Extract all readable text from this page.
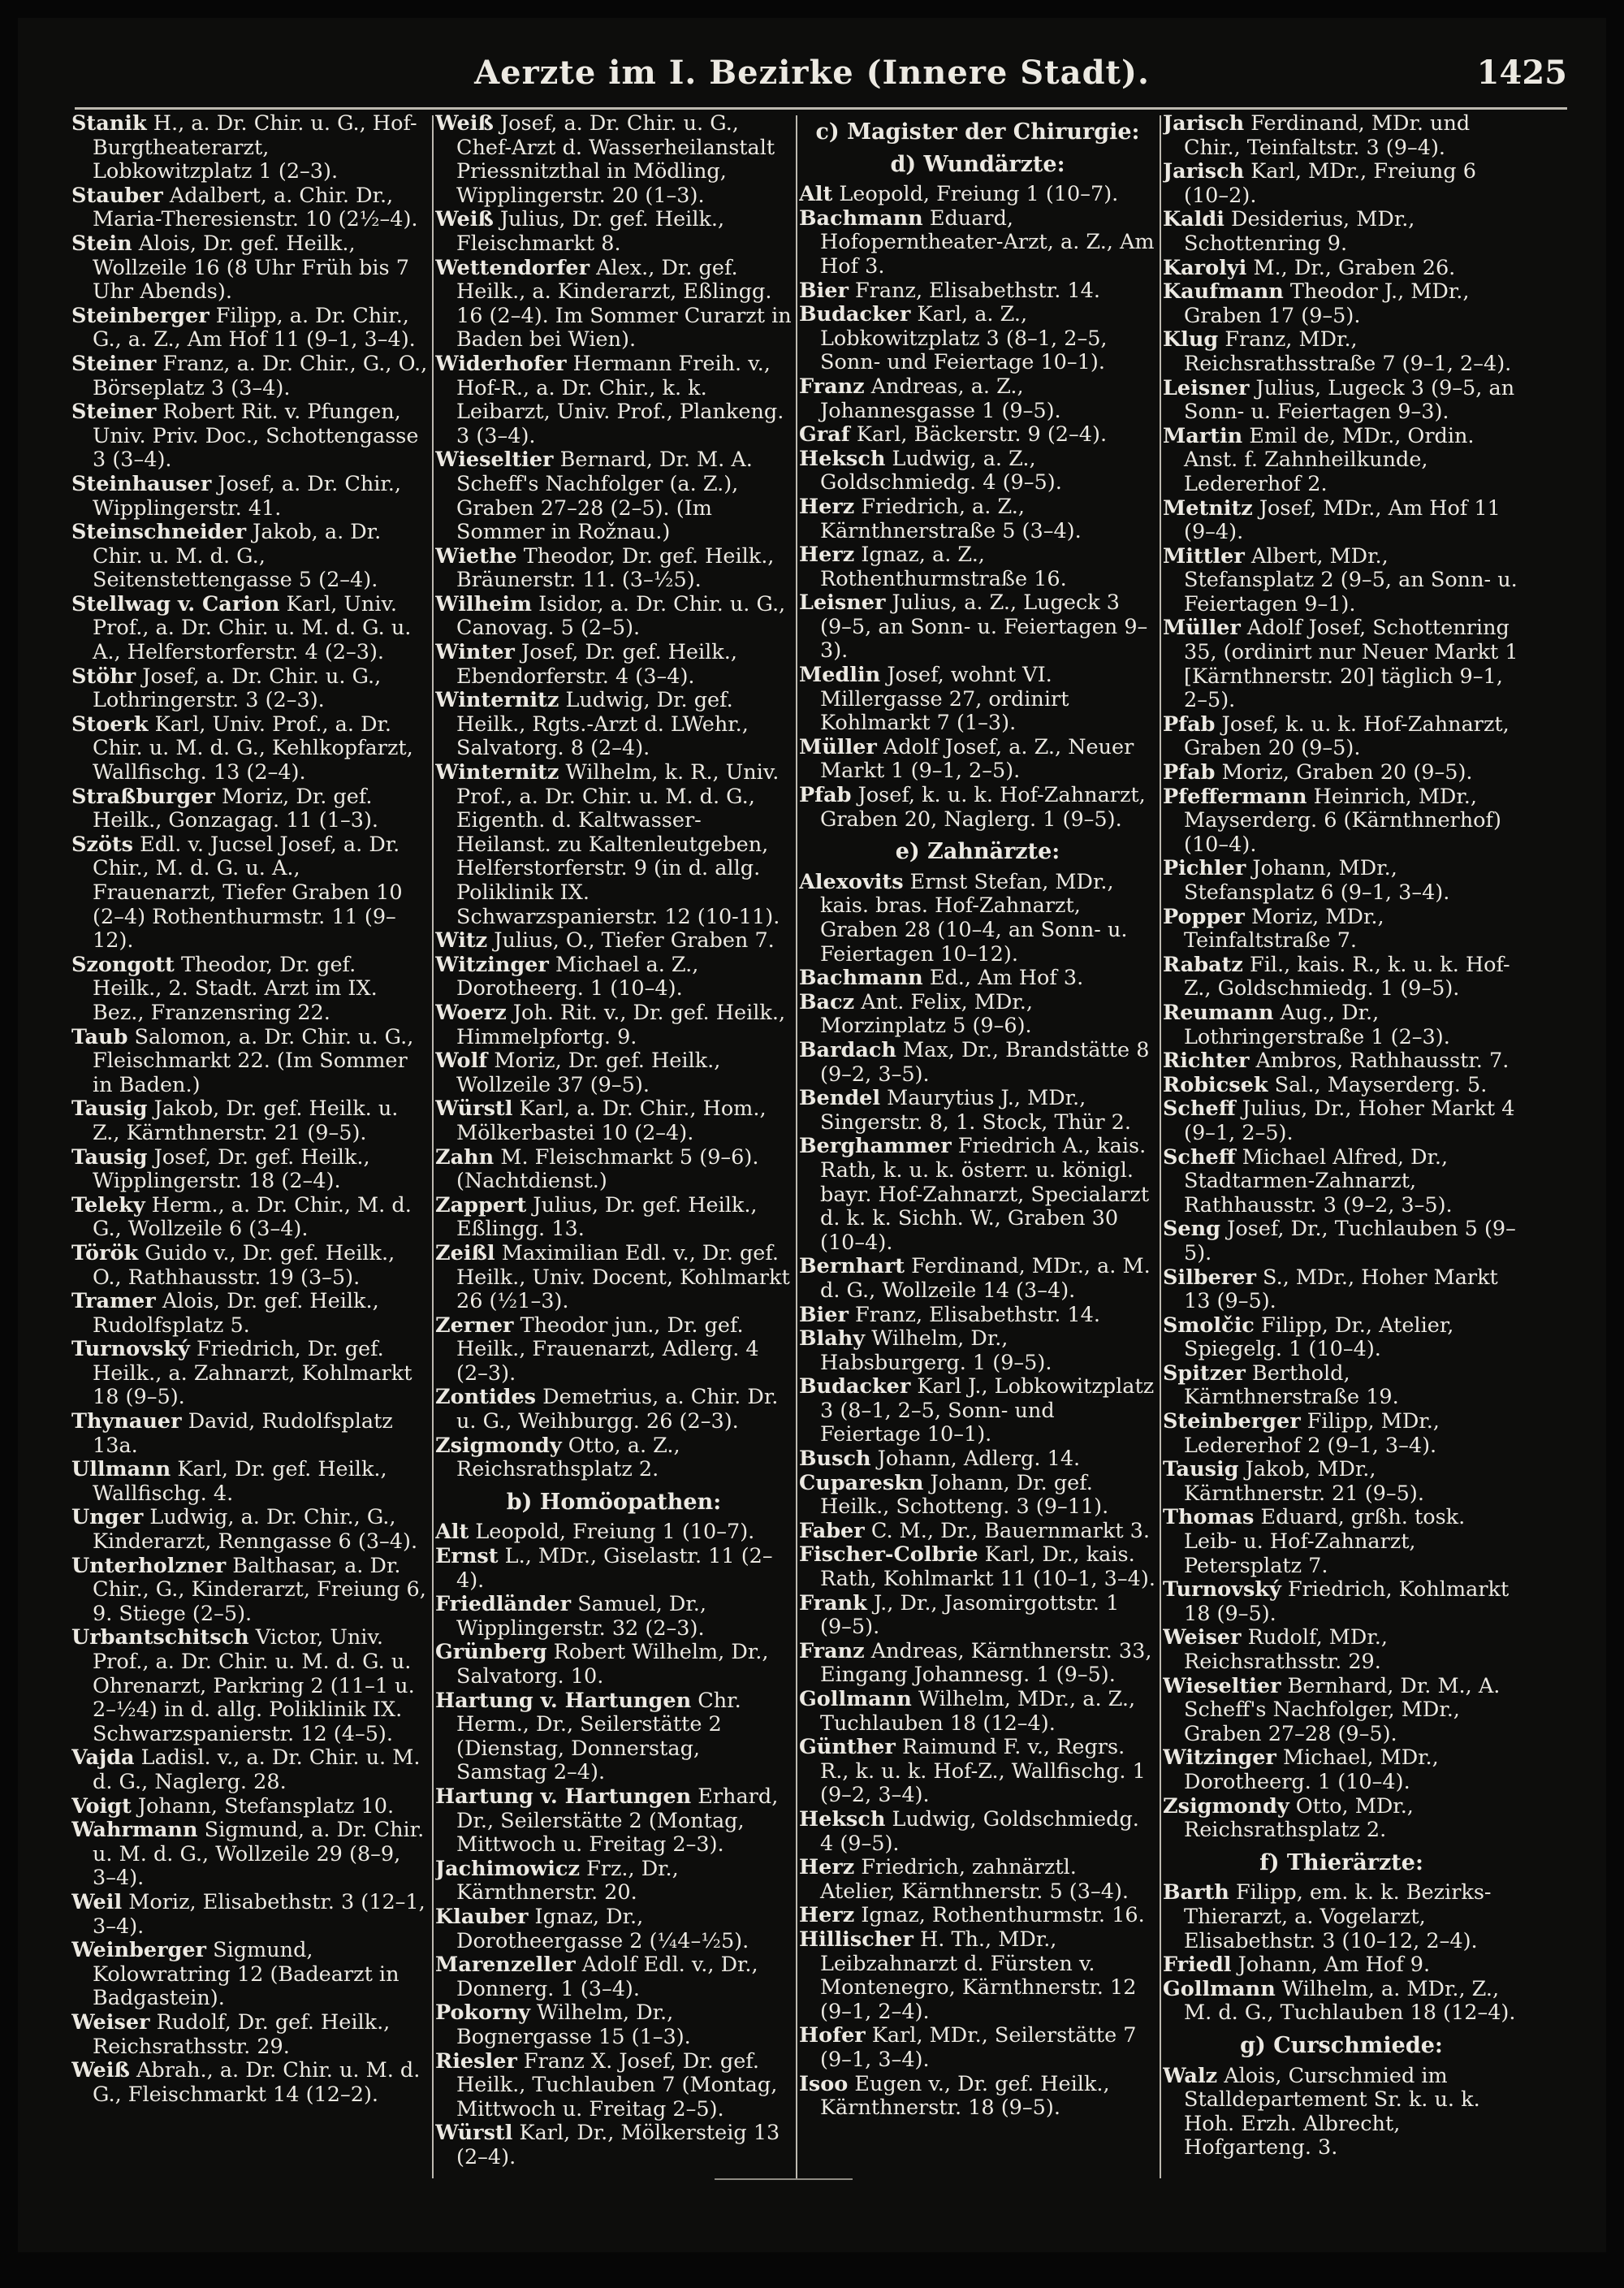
Aerzte im I. Bezirke (Innere Stadt).	1425
Stanik H., a. Dr. Chir. u. G., Hof-Burgtheaterarzt, Lobkowitzplatz 1 (2–3).
Stauber Adalbert, a. Chir. Dr., Maria-Theresienstr. 10 (2½–4).
Stein Alois, Dr. gef. Heilk., Wollzeile 16 (8 Uhr Früh bis 7 Uhr Abends).
Steinberger Filipp, a. Dr. Chir., G., a. Z., Am Hof 11 (9–1, 3–4).
Steiner Franz, a. Dr. Chir., G., O., Börseplatz 3 (3–4).
Steiner Robert Rit. v. Pfungen, Univ. Priv. Doc., Schottengasse 3 (3–4).
Steinhauser Josef, a. Dr. Chir., Wipplingerstr. 41.
Steinschneider Jakob, a. Dr. Chir. u. M. d. G., Seitenstettengasse 5 (2–4).
Stellwag v. Carion Karl, Univ. Prof., a. Dr. Chir. u. M. d. G. u. A., Helferstorferstr. 4 (2–3).
Stöhr Josef, a. Dr. Chir. u. G., Lothringerstr. 3 (2–3).
Stoerk Karl, Univ. Prof., a. Dr. Chir. u. M. d. G., Kehlkopfarzt, Wallfischg. 13 (2–4).
Straßburger Moriz, Dr. gef. Heilk., Gonzagag. 11 (1–3).
Szöts Edl. v. Jucsel Josef, a. Dr. Chir., M. d. G. u. A., Frauenarzt, Tiefer Graben 10 (2–4) Rothenthurmstr. 11 (9–12).
Szongott Theodor, Dr. gef. Heilk., 2. Stadt. Arzt im IX. Bez., Franzensring 22.
Taub Salomon, a. Dr. Chir. u. G., Fleischmarkt 22. (Im Sommer in Baden.)
Tausig Jakob, Dr. gef. Heilk. u. Z., Kärnthnerstr. 21 (9–5).
Tausig Josef, Dr. gef. Heilk., Wipplingerstr. 18 (2–4).
Teleky Herm., a. Dr. Chir., M. d. G., Wollzeile 6 (3–4).
Török Guido v., Dr. gef. Heilk., O., Rathhausstr. 19 (3–5).
Tramer Alois, Dr. gef. Heilk., Rudolfsplatz 5.
Turnovský Friedrich, Dr. gef. Heilk., a. Zahnarzt, Kohlmarkt 18 (9–5).
Thynauer David, Rudolfsplatz 13a.
Ullmann Karl, Dr. gef. Heilk., Wallfischg. 4.
Unger Ludwig, a. Dr. Chir., G., Kinderarzt, Renngasse 6 (3–4).
Unterholzner Balthasar, a. Dr. Chir., G., Kinderarzt, Freiung 6, 9. Stiege (2–5).
Urbantschitsch Victor, Univ. Prof., a. Dr. Chir. u. M. d. G. u. Ohrenarzt, Parkring 2 (11–1 u. 2–½4) in d. allg. Poliklinik IX. Schwarzspanierstr. 12 (4–5).
Vajda Ladisl. v., a. Dr. Chir. u. M. d. G., Naglerg. 28.
Voigt Johann, Stefansplatz 10.
Wahrmann Sigmund, a. Dr. Chir. u. M. d. G., Wollzeile 29 (8–9, 3–4).
Weil Moriz, Elisabethstr. 3 (12–1, 3–4).
Weinberger Sigmund, Kolowratring 12 (Badearzt in Badgastein).
Weiser Rudolf, Dr. gef. Heilk., Reichsrathsstr. 29.
Weiß Abrah., a. Dr. Chir. u. M. d. G., Fleischmarkt 14 (12–2).
Weiß Josef, a. Dr. Chir. u. G., Chef-Arzt d. Wasserheilanstalt Priessnitzthal in Mödling, Wipplingerstr. 20 (1–3).
Weiß Julius, Dr. gef. Heilk., Fleischmarkt 8.
Wettendorfer Alex., Dr. gef. Heilk., a. Kinderarzt, Eßlingg. 16 (2–4). Im Sommer Curarzt in Baden bei Wien).
Widerhofer Hermann Freih. v., Hof-R., a. Dr. Chir., k. k. Leibarzt, Univ. Prof., Plankeng. 3 (3–4).
Wieseltier Bernard, Dr. M. A. Scheff's Nachfolger (a. Z.), Graben 27–28 (2–5). (Im Sommer in Rožnau.)
Wiethe Theodor, Dr. gef. Heilk., Bräunerstr. 11. (3–½5).
Wilheim Isidor, a. Dr. Chir. u. G., Canovag. 5 (2–5).
Winter Josef, Dr. gef. Heilk., Ebendorferstr. 4 (3–4).
Winternitz Ludwig, Dr. gef. Heilk., Rgts.-Arzt d. LWehr., Salvatorg. 8 (2–4).
Winternitz Wilhelm, k. R., Univ. Prof., a. Dr. Chir. u. M. d. G., Eigenth. d. Kaltwasser-Heilanst. zu Kaltenleutgeben, Helferstorferstr. 9 (in d. allg. Poliklinik IX. Schwarzspanierstr. 12 (10-11).
Witz Julius, O., Tiefer Graben 7.
Witzinger Michael a. Z., Dorotheerg. 1 (10–4).
Woerz Joh. Rit. v., Dr. gef. Heilk., Himmelpfortg. 9.
Wolf Moriz, Dr. gef. Heilk., Wollzeile 37 (9–5).
Würstl Karl, a. Dr. Chir., Hom., Mölkerbastei 10 (2–4).
Zahn M. Fleischmarkt 5 (9–6). (Nachtdienst.)
Zappert Julius, Dr. gef. Heilk., Eßlingg. 13.
Zeißl Maximilian Edl. v., Dr. gef. Heilk., Univ. Docent, Kohlmarkt 26 (½1–3).
Zerner Theodor jun., Dr. gef. Heilk., Frauenarzt, Adlerg. 4 (2–3).
Zontides Demetrius, a. Chir. Dr. u. G., Weihburgg. 26 (2–3).
Zsigmondy Otto, a. Z., Reichsrathsplatz 2.
b) Homöopathen:
Alt Leopold, Freiung 1 (10–7).
Ernst L., MDr., Giselastr. 11 (2–4).
Friedländer Samuel, Dr., Wipplingerstr. 32 (2–3).
Grünberg Robert Wilhelm, Dr., Salvatorg. 10.
Hartung v. Hartungen Chr. Herm., Dr., Seilerstätte 2 (Dienstag, Donnerstag, Samstag 2–4).
Hartung v. Hartungen Erhard, Dr., Seilerstätte 2 (Montag, Mittwoch u. Freitag 2–3).
Jachimowicz Frz., Dr., Kärnthnerstr. 20.
Klauber Ignaz, Dr., Dorotheergasse 2 (¼4–½5).
Marenzeller Adolf Edl. v., Dr., Donnerg. 1 (3–4).
Pokorny Wilhelm, Dr., Bognergasse 15 (1–3).
Riesler Franz X. Josef, Dr. gef. Heilk., Tuchlauben 7 (Montag, Mittwoch u. Freitag 2–5).
Würstl Karl, Dr., Mölkersteig 13 (2–4).
c) Magister der Chirurgie:
d) Wundärzte:
Alt Leopold, Freiung 1 (10–7).
Bachmann Eduard, Hofoperntheater-Arzt, a. Z., Am Hof 3.
Bier Franz, Elisabethstr. 14.
Budacker Karl, a. Z., Lobkowitzplatz 3 (8–1, 2–5, Sonn- und Feiertage 10–1).
Franz Andreas, a. Z., Johannesgasse 1 (9–5).
Graf Karl, Bäckerstr. 9 (2–4).
Heksch Ludwig, a. Z., Goldschmiedg. 4 (9–5).
Herz Friedrich, a. Z., Kärnthnerstraße 5 (3–4).
Herz Ignaz, a. Z., Rothenthurmstraße 16.
Leisner Julius, a. Z., Lugeck 3 (9–5, an Sonn- u. Feiertagen 9–3).
Medlin Josef, wohnt VI. Millergasse 27, ordinirt Kohlmarkt 7 (1–3).
Müller Adolf Josef, a. Z., Neuer Markt 1 (9–1, 2–5).
Pfab Josef, k. u. k. Hof-Zahnarzt, Graben 20, Naglerg. 1 (9–5).
e) Zahnärzte:
Alexovits Ernst Stefan, MDr., kais. bras. Hof-Zahnarzt, Graben 28 (10–4, an Sonn- u. Feiertagen 10–12).
Bachmann Ed., Am Hof 3.
Bacz Ant. Felix, MDr., Morzinplatz 5 (9–6).
Bardach Max, Dr., Brandstätte 8 (9–2, 3–5).
Bendel Maurytius J., MDr., Singerstr. 8, 1. Stock, Thür 2.
Berghammer Friedrich A., kais. Rath, k. u. k. österr. u. königl. bayr. Hof-Zahnarzt, Specialarzt d. k. k. Sichh. W., Graben 30 (10–4).
Bernhart Ferdinand, MDr., a. M. d. G., Wollzeile 14 (3–4).
Bier Franz, Elisabethstr. 14.
Blahy Wilhelm, Dr., Habsburgerg. 1 (9–5).
Budacker Karl J., Lobkowitzplatz 3 (8–1, 2–5, Sonn- und Feiertage 10–1).
Busch Johann, Adlerg. 14.
Cupareskn Johann, Dr. gef. Heilk., Schotteng. 3 (9–11).
Faber C. M., Dr., Bauernmarkt 3.
Fischer-Colbrie Karl, Dr., kais. Rath, Kohlmarkt 11 (10–1, 3–4).
Frank J., Dr., Jasomirgottstr. 1 (9–5).
Franz Andreas, Kärnthnerstr. 33, Eingang Johannesg. 1 (9–5).
Gollmann Wilhelm, MDr., a. Z., Tuchlauben 18 (12–4).
Günther Raimund F. v., Regrs. R., k. u. k. Hof-Z., Wallfischg. 1 (9–2, 3–4).
Heksch Ludwig, Goldschmiedg. 4 (9–5).
Herz Friedrich, zahnärztl. Atelier, Kärnthnerstr. 5 (3–4).
Herz Ignaz, Rothenthurmstr. 16.
Hillischer H. Th., MDr., Leibzahnarzt d. Fürsten v. Montenegro, Kärnthnerstr. 12 (9–1, 2–4).
Hofer Karl, MDr., Seilerstätte 7 (9–1, 3–4).
Isoo Eugen v., Dr. gef. Heilk., Kärnthnerstr. 18 (9–5).
Jarisch Ferdinand, MDr. und Chir., Teinfaltstr. 3 (9–4).
Jarisch Karl, MDr., Freiung 6 (10–2).
Kaldi Desiderius, MDr., Schottenring 9.
Karolyi M., Dr., Graben 26.
Kaufmann Theodor J., MDr., Graben 17 (9–5).
Klug Franz, MDr., Reichsrathsstraße 7 (9–1, 2–4).
Leisner Julius, Lugeck 3 (9–5, an Sonn- u. Feiertagen 9–3).
Martin Emil de, MDr., Ordin. Anst. f. Zahnheilkunde, Ledererhof 2.
Metnitz Josef, MDr., Am Hof 11 (9–4).
Mittler Albert, MDr., Stefansplatz 2 (9–5, an Sonn- u. Feiertagen 9–1).
Müller Adolf Josef, Schottenring 35, (ordinirt nur Neuer Markt 1 [Kärnthnerstr. 20] täglich 9–1, 2–5).
Pfab Josef, k. u. k. Hof-Zahnarzt, Graben 20 (9–5).
Pfab Moriz, Graben 20 (9–5).
Pfeffermann Heinrich, MDr., Mayserderg. 6 (Kärnthnerhof) (10–4).
Pichler Johann, MDr., Stefansplatz 6 (9–1, 3–4).
Popper Moriz, MDr., Teinfaltstraße 7.
Rabatz Fil., kais. R., k. u. k. Hof-Z., Goldschmiedg. 1 (9–5).
Reumann Aug., Dr., Lothringerstraße 1 (2–3).
Richter Ambros, Rathhausstr. 7.
Robicsek Sal., Mayserderg. 5.
Scheff Julius, Dr., Hoher Markt 4 (9–1, 2–5).
Scheff Michael Alfred, Dr., Stadtarmen-Zahnarzt, Rathhausstr. 3 (9–2, 3–5).
Seng Josef, Dr., Tuchlauben 5 (9–5).
Silberer S., MDr., Hoher Markt 13 (9–5).
Smolčic Filipp, Dr., Atelier, Spiegelg. 1 (10–4).
Spitzer Berthold, Kärnthnerstraße 19.
Steinberger Filipp, MDr., Ledererhof 2 (9–1, 3–4).
Tausig Jakob, MDr., Kärnthnerstr. 21 (9–5).
Thomas Eduard, grßh. tosk. Leib- u. Hof-Zahnarzt, Petersplatz 7.
Turnovský Friedrich, Kohlmarkt 18 (9–5).
Weiser Rudolf, MDr., Reichsrathsstr. 29.
Wieseltier Bernhard, Dr. M., A. Scheff's Nachfolger, MDr., Graben 27–28 (9–5).
Witzinger Michael, MDr., Dorotheerg. 1 (10–4).
Zsigmondy Otto, MDr., Reichsrathsplatz 2.
f) Thierärzte:
Barth Filipp, em. k. k. Bezirks-Thierarzt, a. Vogelarzt, Elisabethstr. 3 (10–12, 2–4).
Friedl Johann, Am Hof 9.
Gollmann Wilhelm, a. MDr., Z., M. d. G., Tuchlauben 18 (12–4).
g) Curschmiede:
Walz Alois, Curschmied im Stalldepartement Sr. k. u. k. Hoh. Erzh. Albrecht, Hofgarteng. 3.
